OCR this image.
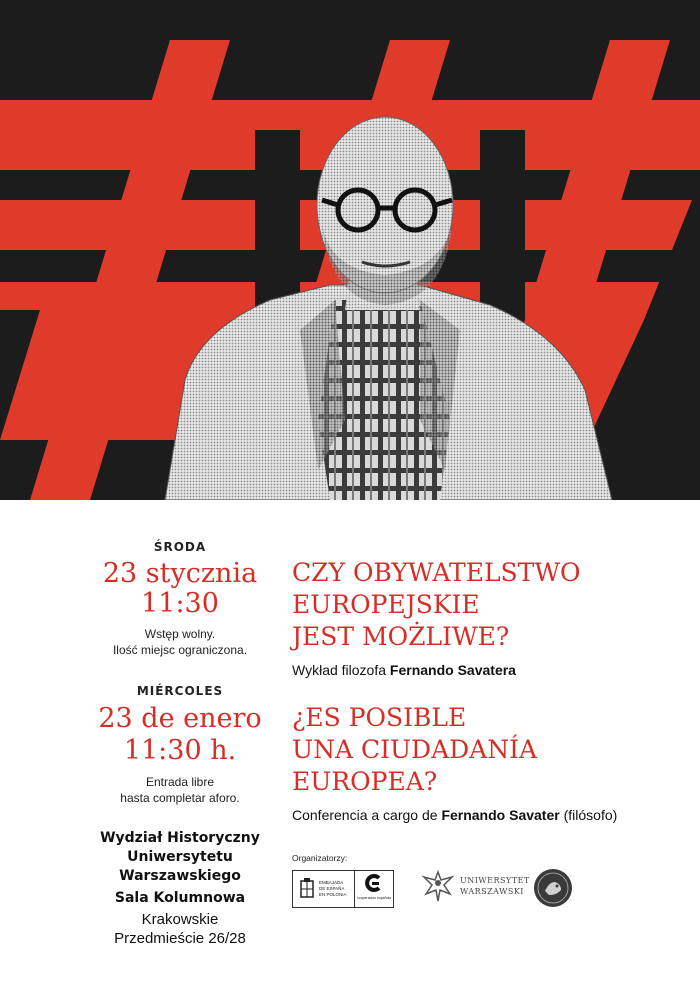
ŚRODA
23 stycznia
11:30
Wstęp wolny.
Ilość miejsc ograniczona.
MIÉRCOLES
23 de enero
11:30 h.
Entrada libre
hasta completar aforo.
Wydział Historyczny
Uniwersytetu
Warszawskiego
Sala Kolumnowa
Krakowskie
Przedmieście 26/28
CZY OBYWATELSTWO
EUROPEJSKIE
JEST MOŻLIWE?
Wykład filozofa Fernando Savatera
¿ES POSIBLE
UNA CIUDADANÍA
EUROPEA?
Conferencia a cargo de Fernando Savater (filósofo)
Organizatorzy:
EMBAJADA
DE ESPAÑA
EN POLONIA
cooperación española
UNIWERSYTET
WARSZAWSKI
